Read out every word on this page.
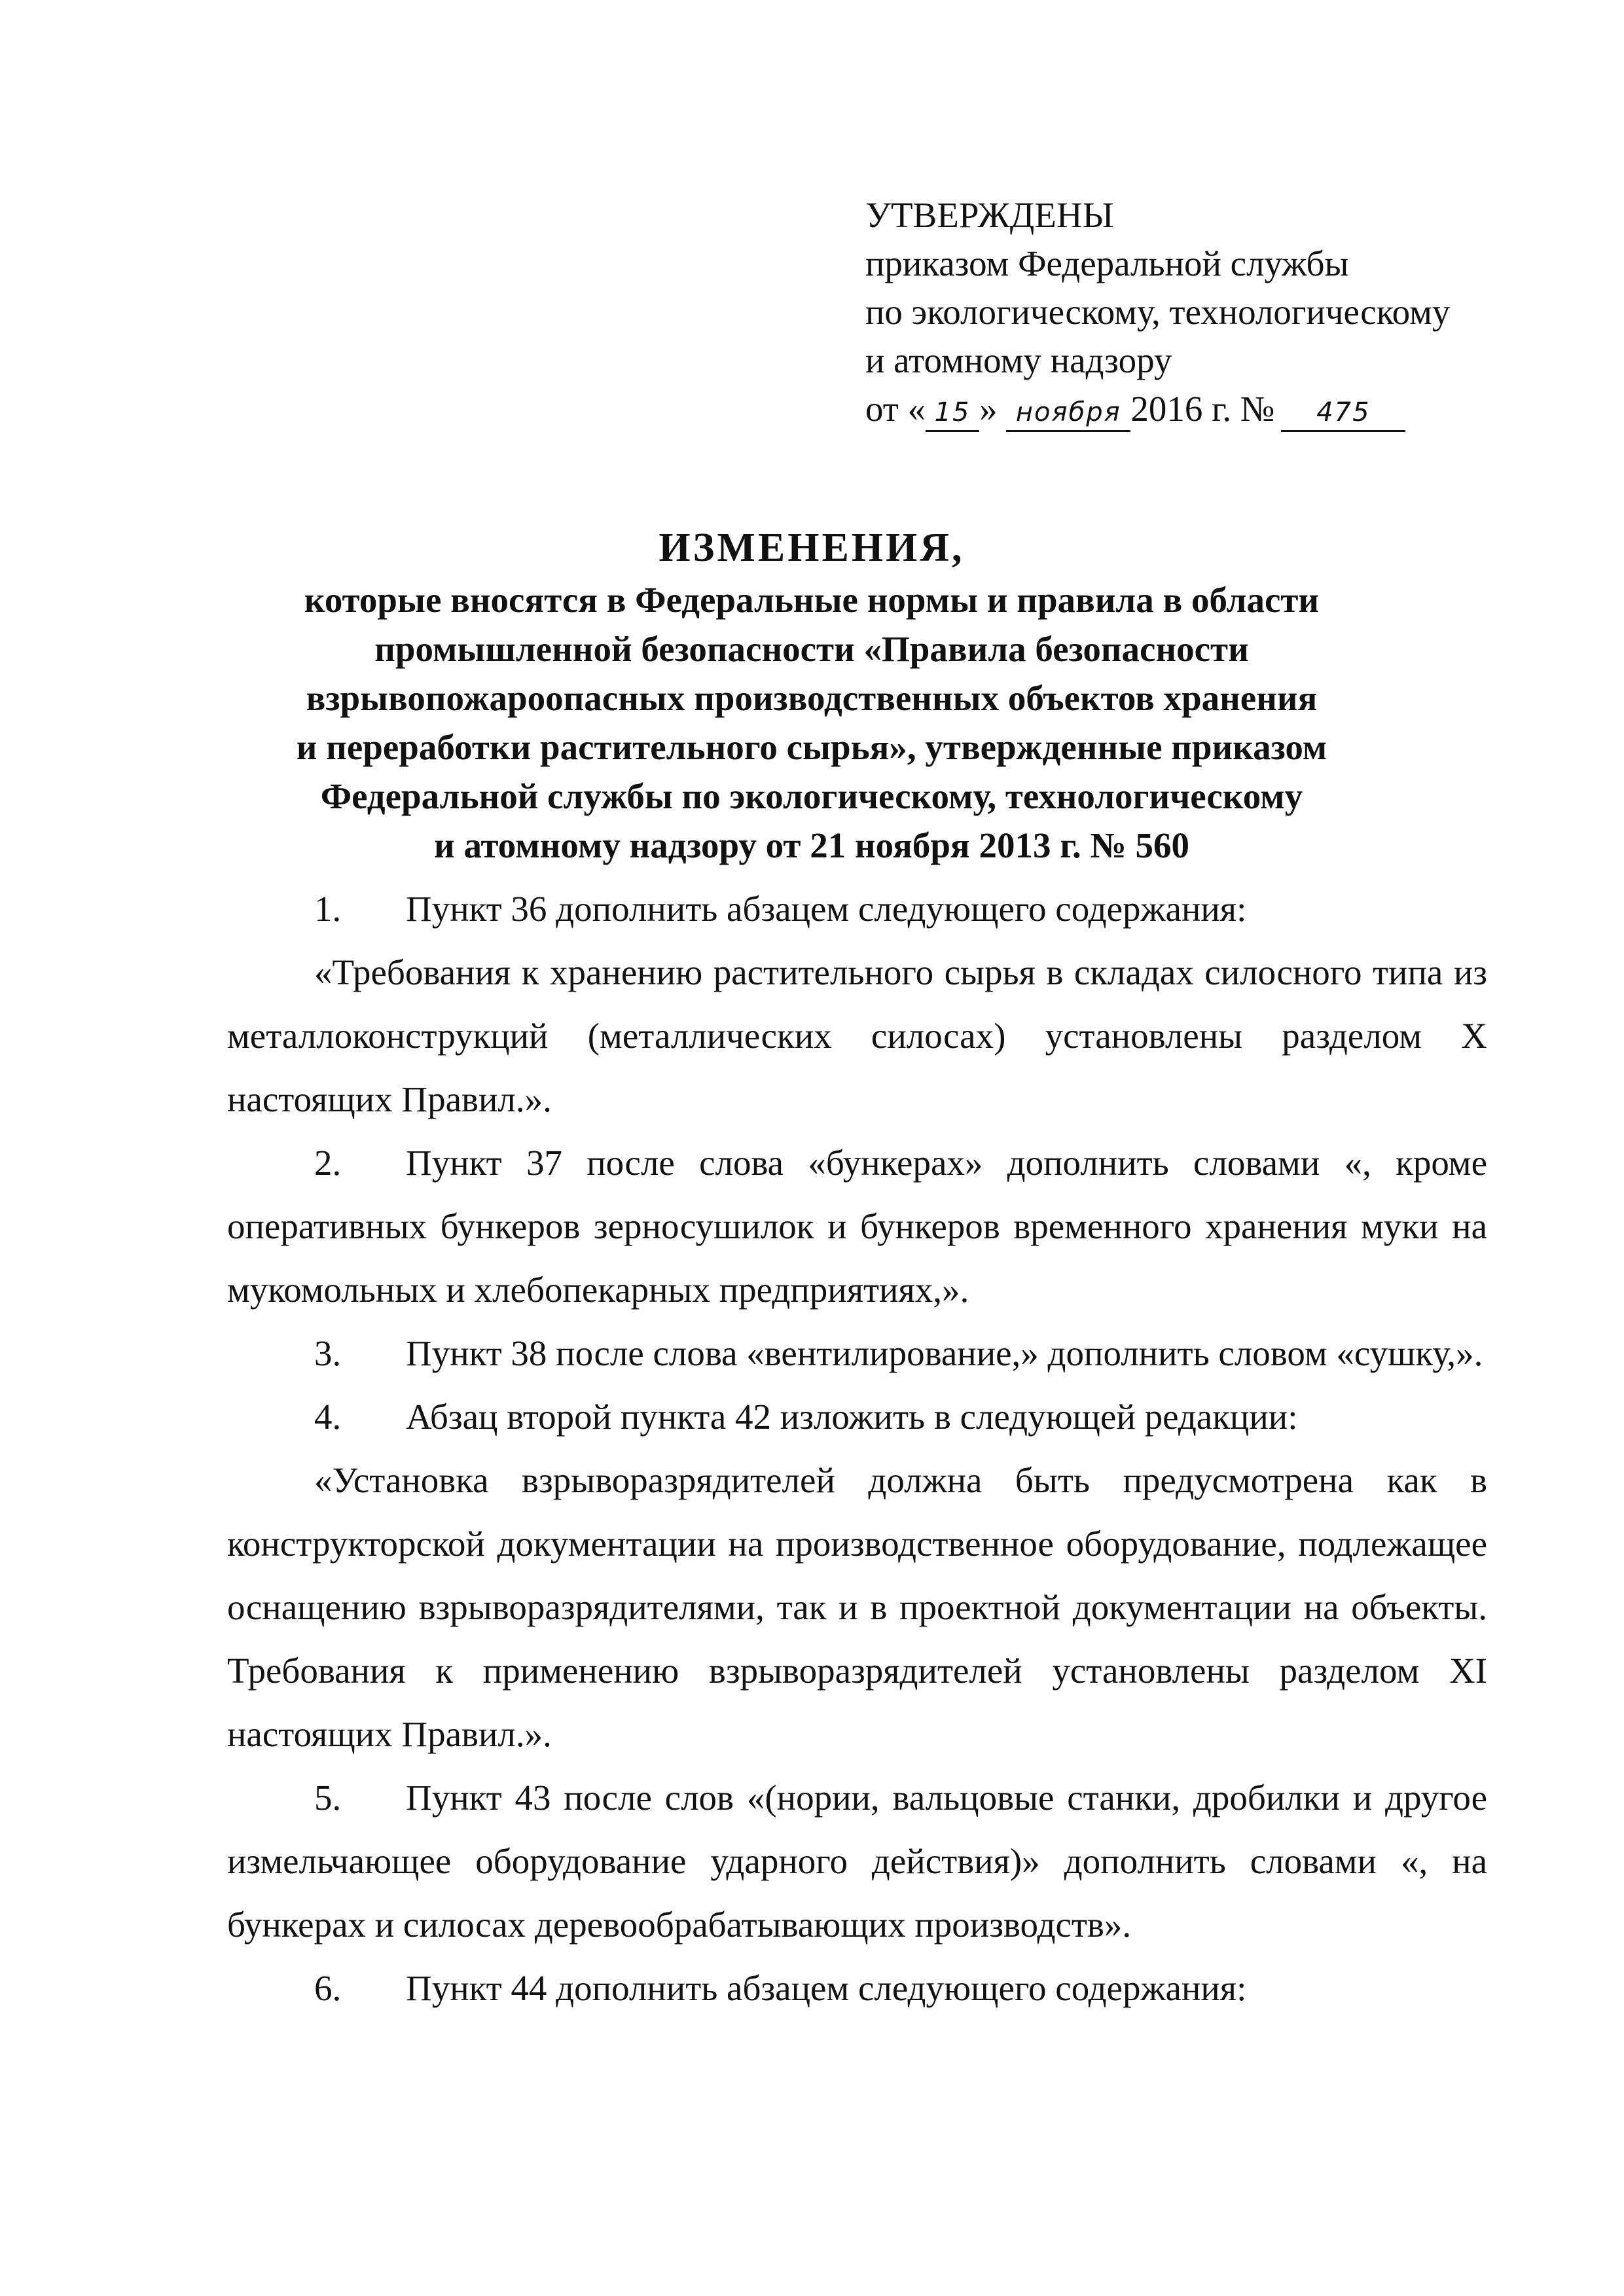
УТВЕРЖДЕНЫ
приказом Федеральной службы
по экологическому, технологическому
и атомному надзору
от « 15 » ноября 2016 г. № 475
ИЗМЕНЕНИЯ,
которые вносятся в Федеральные нормы и правила в области
промышленной безопасности «Правила безопасности
взрывопожароопасных производственных объектов хранения
и переработки растительного сырья», утвержденные приказом
Федеральной службы по экологическому, технологическому
и атомному надзору от 21 ноября 2013 г. № 560

1. Пункт 36 дополнить абзацем следующего содержания:

«Требования к хранению растительного сырья в складах силосного типа из металлоконструкций (металлических силосах) установлены разделом X настоящих Правил.».

2. Пункт 37 после слова «бункерах» дополнить словами «, кроме оперативных бункеров зерносушилок и бункеров временного хранения муки на мукомольных и хлебопекарных предприятиях,».

3. Пункт 38 после слова «вентилирование,» дополнить словом «сушку,».

4. Абзац второй пункта 42 изложить в следующей редакции:

«Установка взрыворазрядителей должна быть предусмотрена как в конструкторской документации на производственное оборудование, подлежащее оснащению взрыворазрядителями, так и в проектной документации на объекты. Требования к применению взрыворазрядителей установлены разделом XI настоящих Правил.».

5. Пункт 43 после слов «(нории, вальцовые станки, дробилки и другое измельчающее оборудование ударного действия)» дополнить словами «, на бункерах и силосах деревообрабатывающих производств».

6. Пункт 44 дополнить абзацем следующего содержания:
